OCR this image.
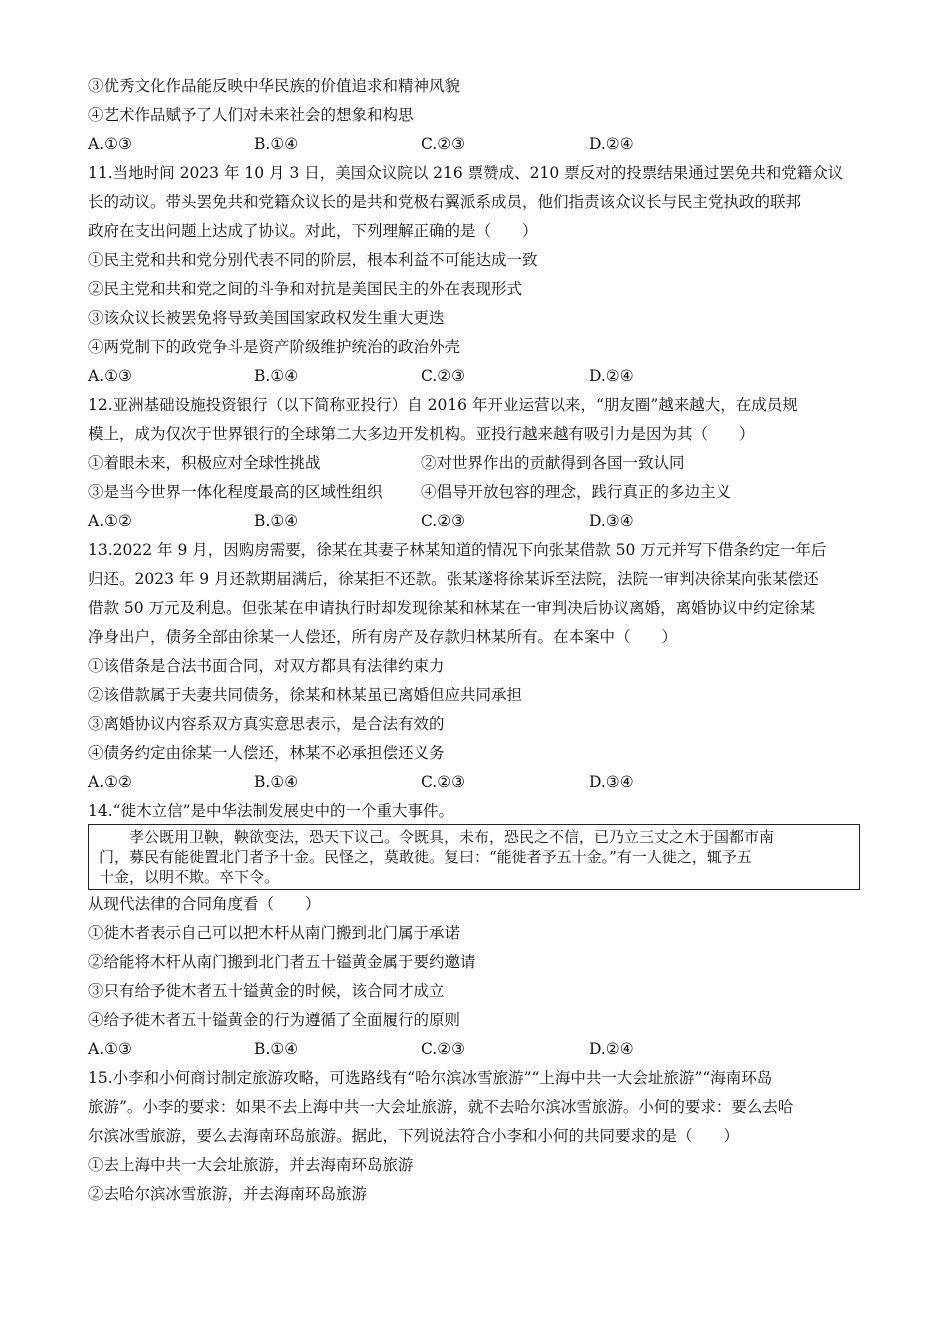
③优秀文化作品能反映中华民族的价值追求和精神风貌
④艺术作品赋予了人们对未来社会的想象和构思
A.①③	B.①④	C.②③	D.②④
11.当地时间 2023 年 10 月 3 日，美国众议院以 216 票赞成、210 票反对的投票结果通过罢免共和党籍众议
长的动议。带头罢免共和党籍众议长的是共和党极右翼派系成员，他们指责该众议长与民主党执政的联邦
政府在支出问题上达成了协议。对此，下列理解正确的是（　　）
①民主党和共和党分别代表不同的阶层，根本利益不可能达成一致
②民主党和共和党之间的斗争和对抗是美国民主的外在表现形式
③该众议长被罢免将导致美国国家政权发生重大更迭
④两党制下的政党争斗是资产阶级维护统治的政治外壳
A.①③	B.①④	C.②③	D.②④
12.亚洲基础设施投资银行（以下简称亚投行）自 2016 年开业运营以来，“朋友圈”越来越大，在成员规
模上，成为仅次于世界银行的全球第二大多边开发机构。亚投行越来越有吸引力是因为其（　　）
①着眼未来，积极应对全球性挑战	②对世界作出的贡献得到各国一致认同
③是当今世界一体化程度最高的区域性组织 ④倡导开放包容的理念，践行真正的多边主义
A.①②	B.①④	C.②③	D.③④
13.2022 年 9 月，因购房需要，徐某在其妻子林某知道的情况下向张某借款 50 万元并写下借条约定一年后
归还。2023 年 9 月还款期届满后，徐某拒不还款。张某遂将徐某诉至法院，法院一审判决徐某向张某偿还
借款 50 万元及利息。但张某在申请执行时却发现徐某和林某在一审判决后协议离婚，离婚协议中约定徐某
净身出户，债务全部由徐某一人偿还，所有房产及存款归林某所有。在本案中（　　）
①该借条是合法书面合同，对双方都具有法律约束力
②该借款属于夫妻共同债务，徐某和林某虽已离婚但应共同承担
③离婚协议内容系双方真实意思表示，是合法有效的
④债务约定由徐某一人偿还，林某不必承担偿还义务
A.①②	B.①④	C.②③	D.③④
14.“徙木立信”是中华法制发展史中的一个重大事件。
　　孝公既用卫鞅，鞅欲变法，恐天下议己。令既具，未布，恐民之不信，已乃立三丈之木于国都市南
门，募民有能徙置北门者予十金。民怪之，莫敢徙。复曰：“能徙者予五十金。”有一人徙之，辄予五
十金，以明不欺。卒下令。
从现代法律的合同角度看（　　）
①徙木者表示自己可以把木杆从南门搬到北门属于承诺
②给能将木杆从南门搬到北门者五十镒黄金属于要约邀请
③只有给予徙木者五十镒黄金的时候，该合同才成立
④给予徙木者五十镒黄金的行为遵循了全面履行的原则
A.①③	B.①④	C.②③	D.②④
15.小李和小何商讨制定旅游攻略，可选路线有“哈尔滨冰雪旅游”“上海中共一大会址旅游”“海南环岛
旅游”。小李的要求：如果不去上海中共一大会址旅游，就不去哈尔滨冰雪旅游。小何的要求：要么去哈
尔滨冰雪旅游，要么去海南环岛旅游。据此，下列说法符合小李和小何的共同要求的是（　　）
①去上海中共一大会址旅游，并去海南环岛旅游
②去哈尔滨冰雪旅游，并去海南环岛旅游
